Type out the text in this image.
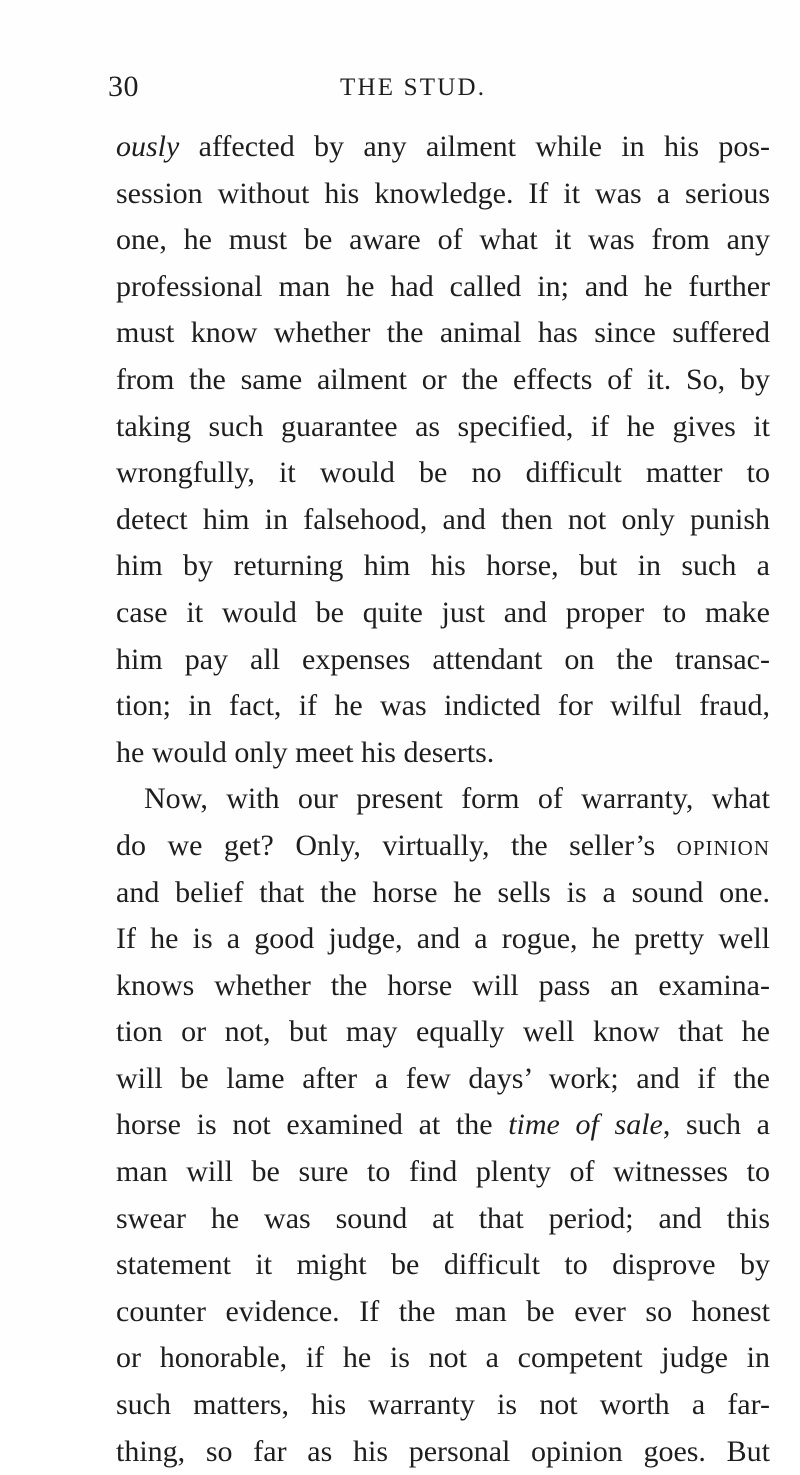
30	THE STUD.
ously affected by any ailment while in his pos-
session without his knowledge. If it was a serious
one, he must be aware of what it was from any
professional man he had called in; and he further
must know whether the animal has since suffered
from the same ailment or the effects of it. So, by
taking such guarantee as specified, if he gives it
wrongfully, it would be no difficult matter to
detect him in falsehood, and then not only punish
him by returning him his horse, but in such a
case it would be quite just and proper to make
him pay all expenses attendant on the transac-
tion; in fact, if he was indicted for wilful fraud,
he would only meet his deserts.
Now, with our present form of warranty, what
do we get? Only, virtually, the seller’s opinion
and belief that the horse he sells is a sound one.
If he is a good judge, and a rogue, he pretty well
knows whether the horse will pass an examina-
tion or not, but may equally well know that he
will be lame after a few days’ work; and if the
horse is not examined at the time of sale, such a
man will be sure to find plenty of witnesses to
swear he was sound at that period; and this
statement it might be difficult to disprove by
counter evidence. If the man be ever so honest
or honorable, if he is not a competent judge in
such matters, his warranty is not worth a far-
thing, so far as his personal opinion goes. But
